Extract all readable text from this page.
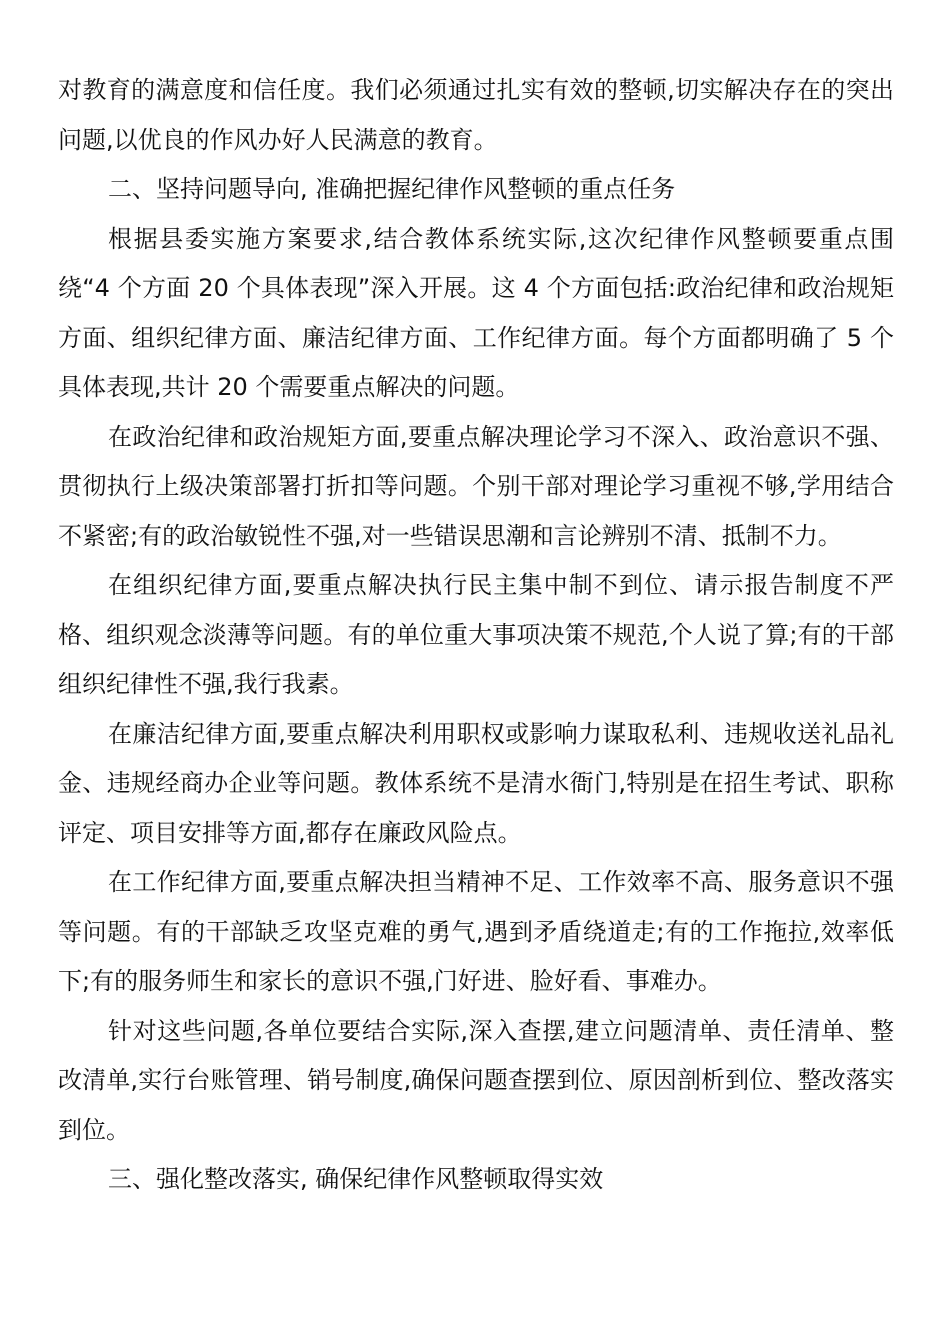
对教育的满意度和信任度。我们必须通过扎实有效的整顿,切实解决存在的突出问题,以优良的作风办好人民满意的教育。

二、坚持问题导向, 准确把握纪律作风整顿的重点任务

根据县委实施方案要求,结合教体系统实际,这次纪律作风整顿要重点围绕“4 个方面 20 个具体表现”深入开展。这 4 个方面包括:政治纪律和政治规矩方面、组织纪律方面、廉洁纪律方面、工作纪律方面。每个方面都明确了 5 个具体表现,共计 20 个需要重点解决的问题。

在政治纪律和政治规矩方面,要重点解决理论学习不深入、政治意识不强、贯彻执行上级决策部署打折扣等问题。个别干部对理论学习重视不够,学用结合不紧密;有的政治敏锐性不强,对一些错误思潮和言论辨别不清、抵制不力。

在组织纪律方面,要重点解决执行民主集中制不到位、请示报告制度不严格、组织观念淡薄等问题。有的单位重大事项决策不规范,个人说了算;有的干部组织纪律性不强,我行我素。

在廉洁纪律方面,要重点解决利用职权或影响力谋取私利、违规收送礼品礼金、违规经商办企业等问题。教体系统不是清水衙门,特别是在招生考试、职称评定、项目安排等方面,都存在廉政风险点。

在工作纪律方面,要重点解决担当精神不足、工作效率不高、服务意识不强等问题。有的干部缺乏攻坚克难的勇气,遇到矛盾绕道走;有的工作拖拉,效率低下;有的服务师生和家长的意识不强,门好进、脸好看、事难办。

针对这些问题,各单位要结合实际,深入查摆,建立问题清单、责任清单、整改清单,实行台账管理、销号制度,确保问题查摆到位、原因剖析到位、整改落实到位。

三、强化整改落实, 确保纪律作风整顿取得实效
